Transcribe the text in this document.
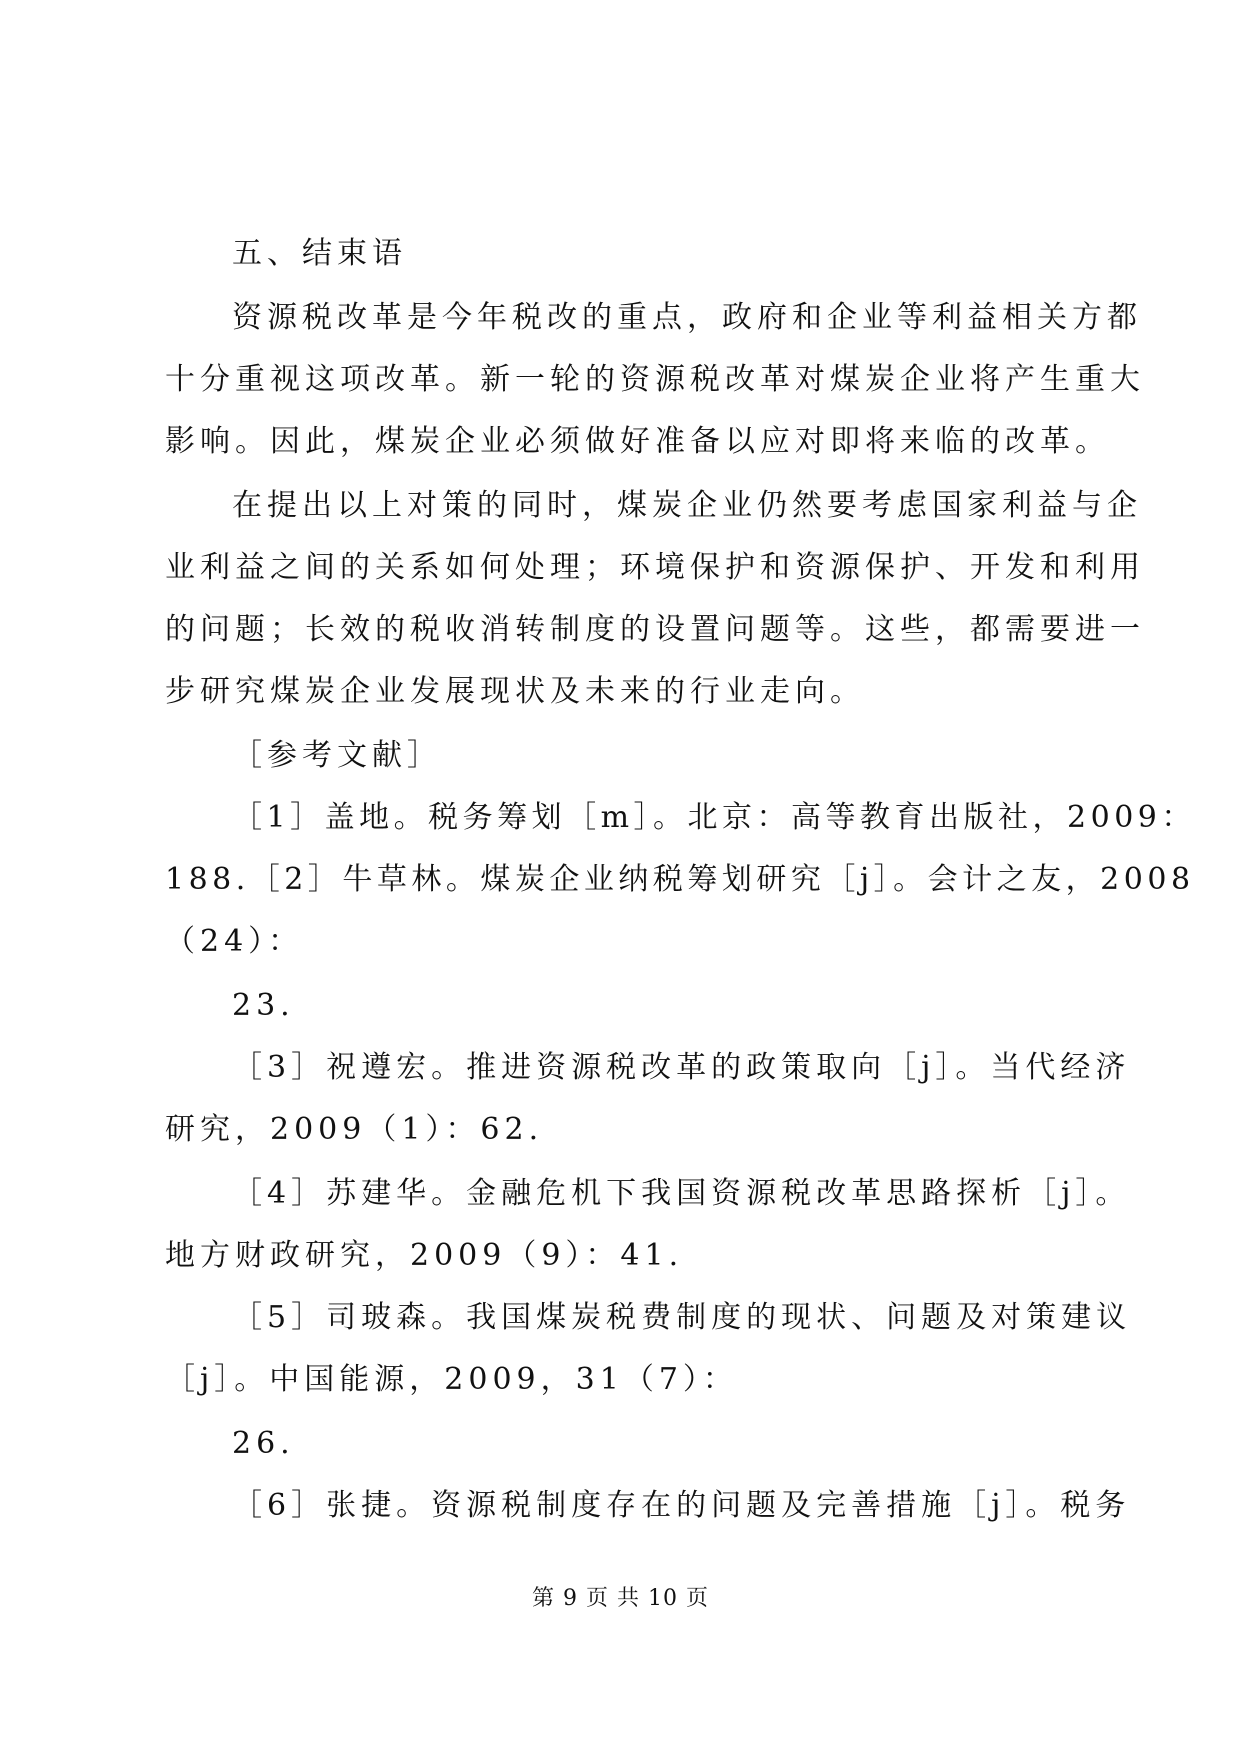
五、结束语
资源税改革是今年税改的重点，政府和企业等利益相关方都
十分重视这项改革。新一轮的资源税改革对煤炭企业将产生重大
影响。因此，煤炭企业必须做好准备以应对即将来临的改革。
在提出以上对策的同时，煤炭企业仍然要考虑国家利益与企
业利益之间的关系如何处理；环境保护和资源保护、开发和利用
的问题；长效的税收消转制度的设置问题等。这些，都需要进一
步研究煤炭企业发展现状及未来的行业走向。
［参考文献］
［1］盖地。税务筹划［m］。北京：高等教育出版社，2009：
188.［2］牛草林。煤炭企业纳税筹划研究［j］。会计之友，2008
（24）：
23.
［3］祝遵宏。推进资源税改革的政策取向［j］。当代经济
研究，2009（1）：62.
［4］苏建华。金融危机下我国资源税改革思路探析［j］。
地方财政研究，2009（9）：41.
［5］司玻森。我国煤炭税费制度的现状、问题及对策建议
［j］。中国能源，2009，31（7）：
26.
［6］张捷。资源税制度存在的问题及完善措施［j］。税务
第 9 页 共 10 页
